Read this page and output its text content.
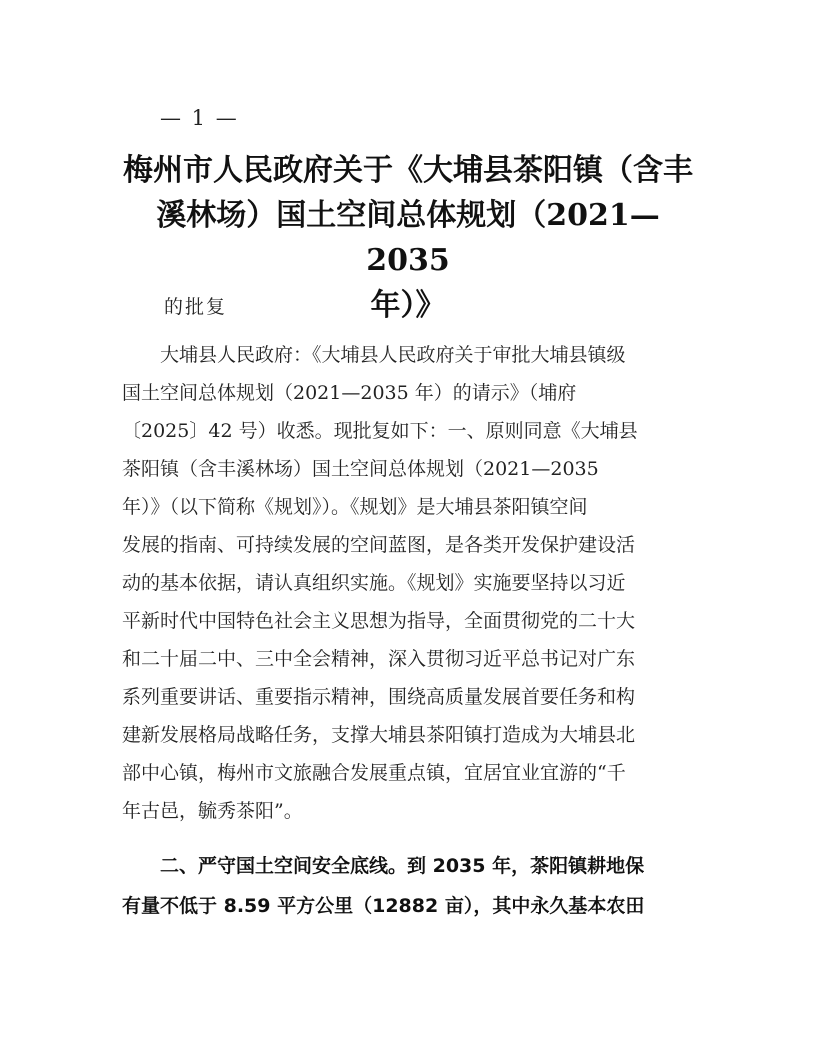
— 1 —
梅州市人民政府关于《大埔县茶阳镇（含丰
溪林场）国土空间总体规划（2021—2035
年）》
的批复
　　大埔县人民政府：《大埔县人民政府关于审批大埔县镇级
国土空间总体规划（2021—2035 年）的请示》（埔府
〔2025〕42 号）收悉。现批复如下：一、原则同意《大埔县
茶阳镇（含丰溪林场）国土空间总体规划（2021—2035
年）》（以下简称《规划》）。《规划》是大埔县茶阳镇空间
发展的指南、可持续发展的空间蓝图，是各类开发保护建设活
动的基本依据，请认真组织实施。《规划》实施要坚持以习近
平新时代中国特色社会主义思想为指导，全面贯彻党的二十大
和二十届二中、三中全会精神，深入贯彻习近平总书记对广东
系列重要讲话、重要指示精神，围绕高质量发展首要任务和构
建新发展格局战略任务，支撑大埔县茶阳镇打造成为大埔县北
部中心镇，梅州市文旅融合发展重点镇，宜居宜业宜游的“千
年古邑，毓秀茶阳”。
　　二、严守国土空间安全底线。到 2035 年，茶阳镇耕地保
有量不低于 8.59 平方公里（12882 亩），其中永久基本农田
